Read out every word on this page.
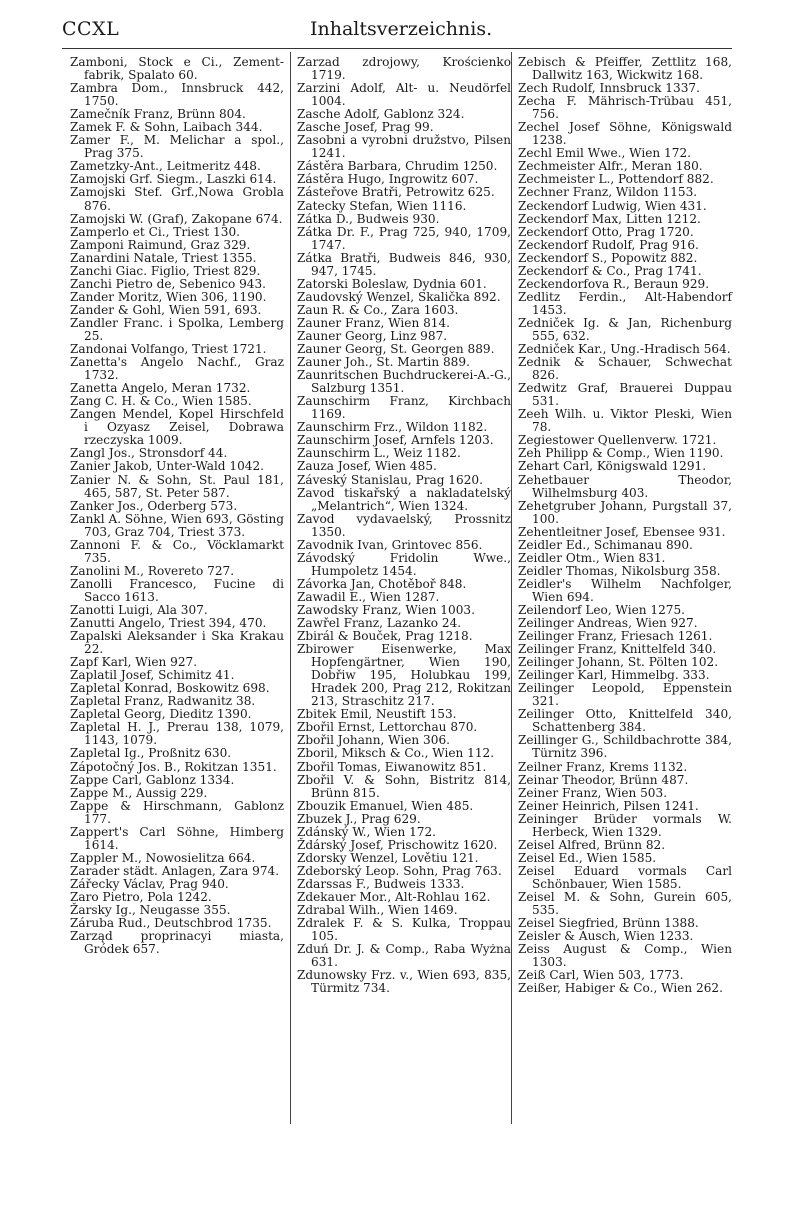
CCXL	Inhaltsverzeichnis.
Zamboni, Stock e Ci., Zement-fabrik, Spalato 60.
Zambra Dom., Innsbruck 442, 1750.
Zamečník Franz, Brünn 804.
Zamek F. & Sohn, Laibach 344.
Zamer F., M. Melichar a spol., Prag 375.
Zametzky-Ant., Leitmeritz 448.
Zamojski Grf. Siegm., Laszki 614.
Zamojski Stef. Grf.,Nowa Grobla 876.
Zamojski W. (Graf), Zakopane 674.
Zamperlo et Ci., Triest 130.
Zamponi Raimund, Graz 329.
Zanardini Natale, Triest 1355.
Zanchi Giac. Figlio, Triest 829.
Zanchi Pietro de, Sebenico 943.
Zander Moritz, Wien 306, 1190.
Zander & Gohl, Wien 591, 693.
Zandler Franc. i Spolka, Lemberg 25.
Zandonai Volfango, Triest 1721.
Zanetta's Angelo Nachf., Graz 1732.
Zanetta Angelo, Meran 1732.
Zang C. H. & Co., Wien 1585.
Zangen Mendel, Kopel Hirschfeld i Ozyasz Zeisel, Dobrawa rzeczyska 1009.
Zangl Jos., Stronsdorf 44.
Zanier Jakob, Unter-Wald 1042.
Zanier N. & Sohn, St. Paul 181, 465, 587, St. Peter 587.
Zanker Jos., Oderberg 573.
Zankl A. Söhne, Wien 693, Gösting 703, Graz 704, Triest 373.
Zannoni F. & Co., Vöcklamarkt 735.
Zanolini M., Rovereto 727.
Zanolli Francesco, Fucine di Sacco 1613.
Zanotti Luigi, Ala 307.
Zanutti Angelo, Triest 394, 470.
Zapalski Aleksander i Ska Krakau 22.
Zapf Karl, Wien 927.
Zaplatil Josef, Schimitz 41.
Zapletal Konrad, Boskowitz 698.
Zapletal Franz, Radwanitz 38.
Zapletal Georg, Dieditz 1390.
Zapletal H. J., Prerau 138, 1079, 1143, 1079.
Zapletal Ig., Proßnitz 630.
Zápotočný Jos. B., Rokitzan 1351.
Zappe Carl, Gablonz 1334.
Zappe M., Aussig 229.
Zappe & Hirschmann, Gablonz 177.
Zappert's Carl Söhne, Himberg 1614.
Zappler M., Nowosielitza 664.
Zarader städt. Anlagen, Zara 974.
Zářecky Václav, Prag 940.
Zaro Pietro, Pola 1242.
Žarsky Ig., Neugasse 355.
Záruba Rud., Deutschbrod 1735.
Zarząd proprinacyi miasta, Gródek 657.
Zarzad zdrojowy, Krościenko 1719.
Zarzini Adolf, Alt- u. Neudörfel 1004.
Zasche Adolf, Gablonz 324.
Zasche Josef, Prag 99.
Zasobni a vyrobni družstvo, Pilsen 1241.
Zástěra Barbara, Chrudim 1250.
Zástěra Hugo, Ingrowitz 607.
Zásteřove Bratři, Petrowitz 625.
Zatecky Stefan, Wien 1116.
Zátka D., Budweis 930.
Zátka Dr. F., Prag 725, 940, 1709, 1747.
Zátka Bratři, Budweis 846, 930, 947, 1745.
Zatorski Boleslaw, Dydnia 601.
Zaudovský Wenzel, Skalička 892.
Zaun R. & Co., Zara 1603.
Zauner Franz, Wien 814.
Zauner Georg, Linz 987.
Zauner Georg, St. Georgen 889.
Zauner Joh., St. Martin 889.
Zaunritschen Buchdruckerei-A.-G., Salzburg 1351.
Zaunschirm Franz, Kirchbach 1169.
Zaunschirm Frz., Wildon 1182.
Zaunschirm Josef, Arnfels 1203.
Zaunschirm L., Weiz 1182.
Zauza Josef, Wien 485.
Záveský Stanislau, Prag 1620.
Zavod tiskařský a nakladatelský „Melantrich“, Wien 1324.
Zavod vydavaelský, Prossnitz 1350.
Zavodnik Ivan, Grintovec 856.
Závodský Fridolin Wwe., Humpoletz 1454.
Závorka Jan, Chotěboř 848.
Zawadil E., Wien 1287.
Zawodsky Franz, Wien 1003.
Zawřel Franz, Lazanko 24.
Zbirál & Bouček, Prag 1218.
Zbirower Eisenwerke, Max Hopfengärtner, Wien 190, Dobřiw 195, Holubkau 199, Hradek 200, Prag 212, Rokitzan 213, Straschitz 217.
Zbitek Emil, Neustift 153.
Zbořil Ernst, Lettorchau 870.
Zbořil Johann, Wien 306.
Zboril, Miksch & Co., Wien 112.
Zbořil Tomas, Eiwanowitz 851.
Zbořil V. & Sohn, Bistritz 814, Brünn 815.
Zbouzik Emanuel, Wien 485.
Zbuzek J., Prag 629.
Zdánský W., Wien 172.
Ždárský Josef, Prischowitz 1620.
Zdorsky Wenzel, Lovětiu 121.
Zdeborský Leop. Sohn, Prag 763.
Zdarssas F., Budweis 1333.
Zdekauer Mor., Alt-Rohlau 162.
Zdrabal Wilh., Wien 1469.
Zdralek F. & S. Kulka, Troppau 105.
Zduń Dr. J. & Comp., Raba Wyżna 631.
Zdunowsky Frz. v., Wien 693, 835, Türmitz 734.
Zebisch & Pfeiffer, Zettlitz 168, Dallwitz 163, Wickwitz 168.
Zech Rudolf, Innsbruck 1337.
Zecha F. Mährisch-Trübau 451, 756.
Zechel Josef Söhne, Königswald 1238.
Zechl Emil Wwe., Wien 172.
Zechmeister Alfr., Meran 180.
Zechmeister L., Pottendorf 882.
Zechner Franz, Wildon 1153.
Zeckendorf Ludwig, Wien 431.
Zeckendorf Max, Litten 1212.
Zeckendorf Otto, Prag 1720.
Zeckendorf Rudolf, Prag 916.
Zeckendorf S., Popowitz 882.
Zeckendorf & Co., Prag 1741.
Zeckendorfova R., Beraun 929.
Zedlitz Ferdin., Alt-Habendorf 1453.
Zedniček Ig. & Jan, Richenburg 555, 632.
Zedniček Kar., Ung.-Hradisch 564.
Zednik & Schauer, Schwechat 826.
Zedwitz Graf, Brauerei Duppau 531.
Zeeh Wilh. u. Viktor Pleski, Wien 78.
Zegiestower Quellenverw. 1721.
Zeh Philipp & Comp., Wien 1190.
Zehart Carl, Königswald 1291.
Zehetbauer Theodor, Wilhelmsburg 403.
Zehetgruber Johann, Purgstall 37, 100.
Zehentleitner Josef, Ebensee 931.
Zeidler Ed., Schimanau 890.
Zeidler Otm., Wien 831.
Zeidler Thomas, Nikolsburg 358.
Zeidler's Wilhelm Nachfolger, Wien 694.
Zeilendorf Leo, Wien 1275.
Zeilinger Andreas, Wien 927.
Zeilinger Franz, Friesach 1261.
Zeilinger Franz, Knittelfeld 340.
Zeilinger Johann, St. Pölten 102.
Zeilinger Karl, Himmelbg. 333.
Zeilinger Leopold, Eppenstein 321.
Zeilinger Otto, Knittelfeld 340, Schattenberg 384.
Zeillinger G., Schildbachrotte 384, Türnitz 396.
Zeilner Franz, Krems 1132.
Zeinar Theodor, Brünn 487.
Zeiner Franz, Wien 503.
Zeiner Heinrich, Pilsen 1241.
Zeininger Brüder vormals W. Herbeck, Wien 1329.
Zeisel Alfred, Brünn 82.
Zeisel Ed., Wien 1585.
Zeisel Eduard vormals Carl Schönbauer, Wien 1585.
Zeisel M. & Sohn, Gurein 605, 535.
Zeisel Siegfried, Brünn 1388.
Zeisler & Ausch, Wien 1233.
Zeiss August & Comp., Wien 1303.
Zeiß Carl, Wien 503, 1773.
Zeißer, Habiger & Co., Wien 262.
